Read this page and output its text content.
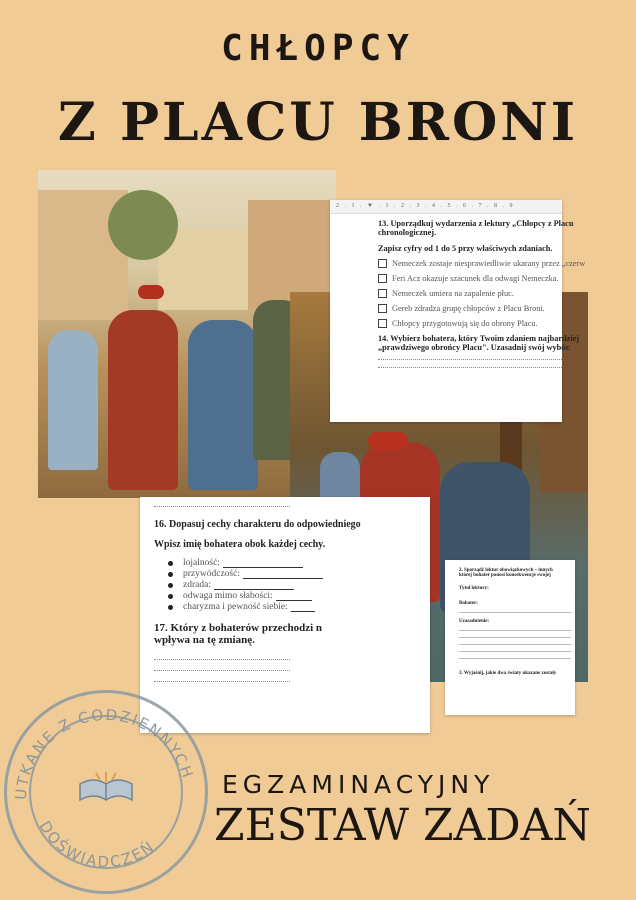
CHŁOPCY
Z PLACU BRONI
2 . 1 . ▼ . 1 . 2 . 3 . 4 . 5 . 6 . 7 . 8 . 9
13. Uporządkuj wydarzenia z lektury „Chłopcy z Placu
chronologicznej.
Zapisz cyfry od 1 do 5 przy właściwych zdaniach.
Nemeczek zostaje niesprawiedliwie ukarany przez „czerw
Feri Acz okazuje szacunek dla odwagi Nemeczka.
Nemeczek umiera na zapalenie płuc.
Gereb zdradza grupę chłopców z Placu Broni.
Chłopcy przygotowują się do obrony Placu.
14. Wybierz bohatera, który Twoim zdaniem najbardziej
„prawdziwego obrońcy Placu". Uzasadnij swój wybór.
16. Dopasuj cechy charakteru do odpowiedniego
Wpisz imię bohatera obok każdej cechy.
lojalność:
przywódczość:
zdrada:
odwaga mimo słabości:
charyzma i pewność siebie:
17. Który z bohaterów przechodzi n
wpływa na tę zmianę.
2. Sporządź lektur obowiązkowych – innych
której bohater ponosi konsekwencje swojej
Tytuł lektury:
Bohater:
Uzasadnienie:
3. Wyjaśnij, jakie dwa światy ukazane zostały
UTKANE Z CODZIENNYCH
DOŚWIADCZEŃ
EGZAMINACYJNY
ZESTAW ZADAŃ
